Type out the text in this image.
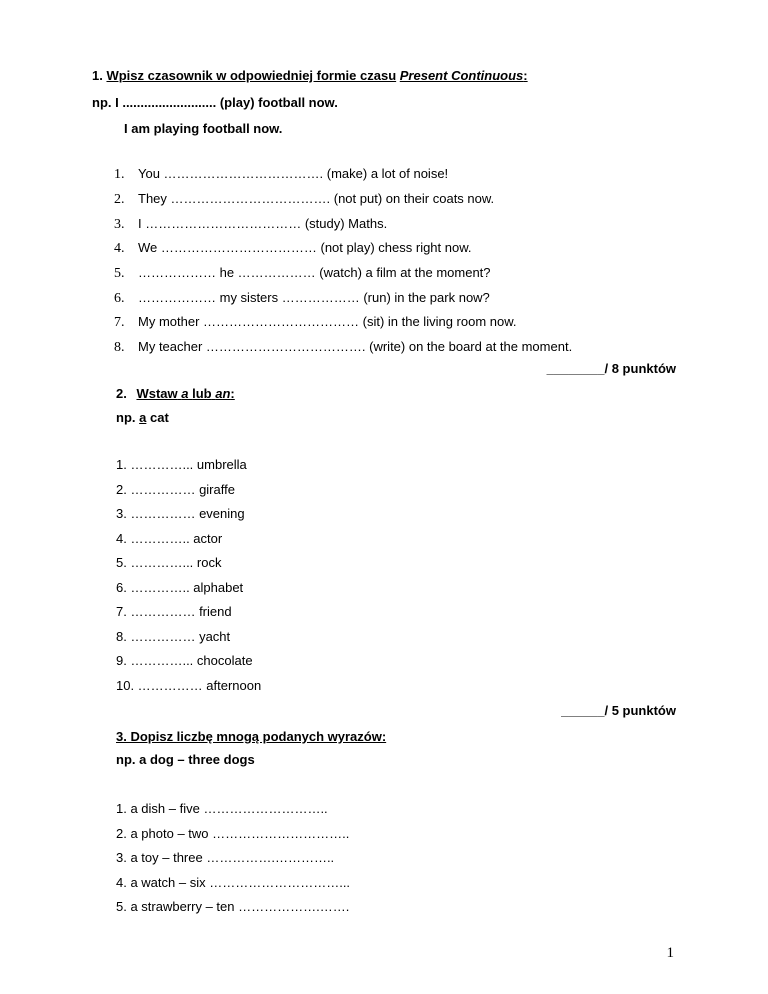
1. Wpisz czasownik w odpowiedniej formie czasu Present Continuous:
np. I .......................... (play) football now.
I am playing football now.
1. You ………………………………. (make) a lot of noise!
2. They ………………………………. (not put) on their coats now.
3. I ……………………………… (study) Maths.
4. We ……………………………… (not play) chess right now.
5. ……………… he ……………… (watch) a film at the moment?
6. ……………… my sisters ……………… (run) in the park now?
7. My mother ……………………………… (sit) in the living room now.
8. My teacher ………………………………. (write) on the board at the moment.
________/ 8 punktów
2. Wstaw a lub an:
np. a cat
1. …………... umbrella
2. …………… giraffe
3. …………… evening
4. ………….. actor
5. …………... rock
6. ………….. alphabet
7. …………… friend
8. …………… yacht
9. …………... chocolate
10. …………… afternoon
______/ 5 punktów
3. Dopisz liczbę mnogą podanych wyrazów:
np. a dog – three dogs
1. a dish – five ………………………..
2. a photo – two …………………………..
3. a toy – three …………….…………..
4. a watch – six …………………………...
5. a strawberry – ten ……………….…….
1
